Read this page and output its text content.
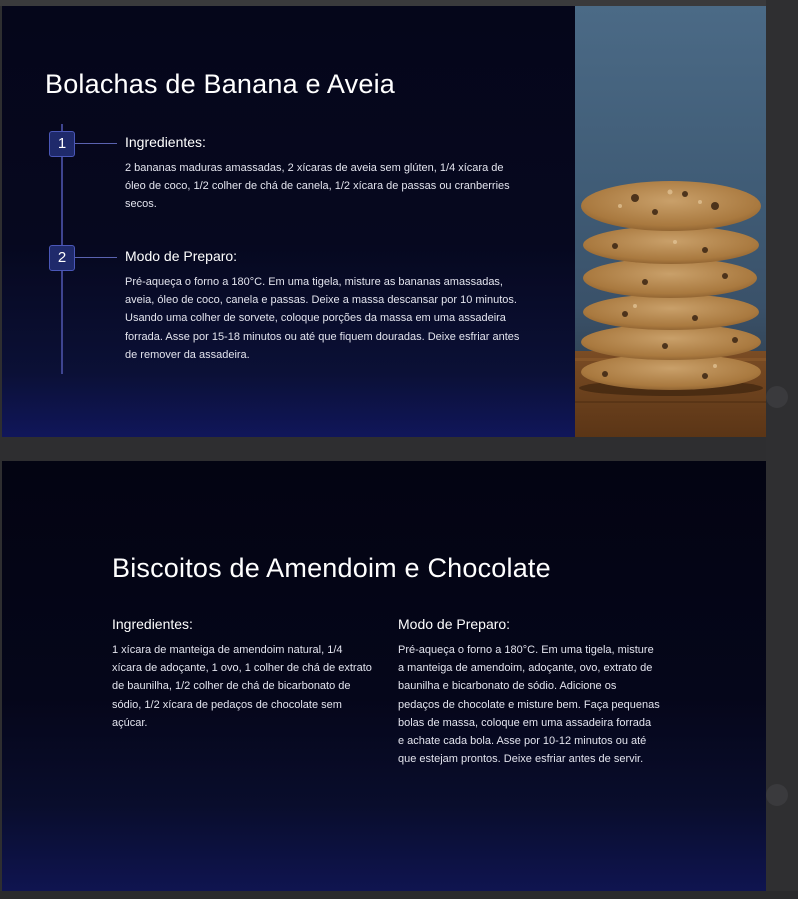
Bolachas de Banana e Aveia
1	Ingredientes:

2 bananas maduras amassadas, 2 xícaras de aveia sem glúten, 1/4 xícara de óleo de coco, 1/2 colher de chá de canela, 1/2 xícara de passas ou cranberries secos.

2	Modo de Preparo:

Pré-aqueça o forno a 180°C. Em uma tigela, misture as bananas amassadas, aveia, óleo de coco, canela e passas. Deixe a massa descansar por 10 minutos. Usando uma colher de sorvete, coloque porções da massa em uma assadeira forrada. Asse por 15-18 minutos ou até que fiquem douradas. Deixe esfriar antes de remover da assadeira.

Biscoitos de Amendoim e Chocolate
Ingredientes:

1 xícara de manteiga de amendoim natural, 1/4 xícara de adoçante, 1 ovo, 1 colher de chá de extrato de baunilha, 1/2 colher de chá de bicarbonato de sódio, 1/2 xícara de pedaços de chocolate sem açúcar.

Modo de Preparo:

Pré-aqueça o forno a 180°C. Em uma tigela, misture a manteiga de amendoim, adoçante, ovo, extrato de baunilha e bicarbonato de sódio. Adicione os pedaços de chocolate e misture bem. Faça pequenas bolas de massa, coloque em uma assadeira forrada e achate cada bola. Asse por 10-12 minutos ou até que estejam prontos. Deixe esfriar antes de servir.
